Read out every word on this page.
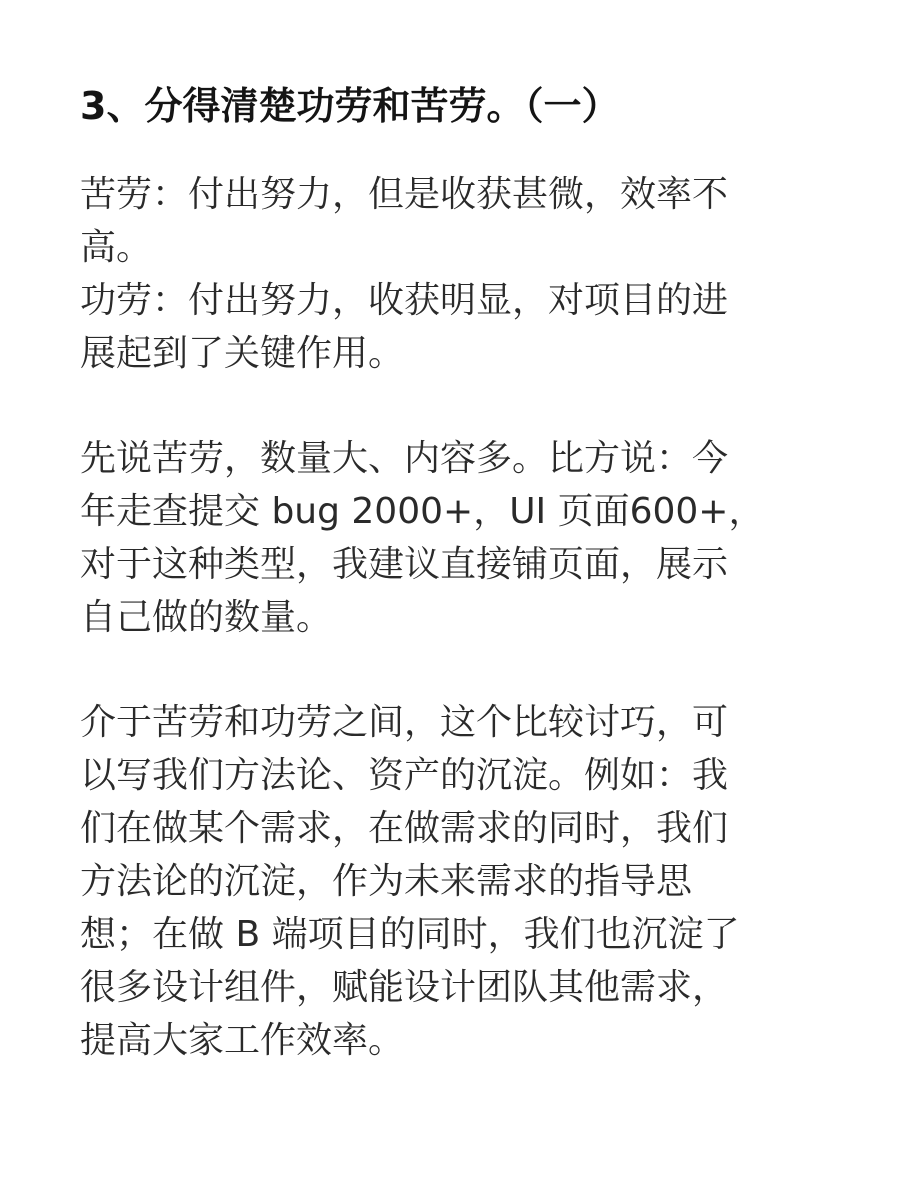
3、分得清楚功劳和苦劳。（一）
苦劳：付出努力，但是收获甚微，效率不
高。
功劳：付出努力，收获明显，对项目的进
展起到了关键作用。
先说苦劳，数量大、内容多。比方说：今
年走查提交 bug 2000+，UI 页面600+，
对于这种类型，我建议直接铺页面，展示
自己做的数量。
介于苦劳和功劳之间，这个比较讨巧，可
以写我们方法论、资产的沉淀。例如：我
们在做某个需求，在做需求的同时，我们
方法论的沉淀，作为未来需求的指导思
想；在做 B 端项目的同时，我们也沉淀了
很多设计组件，赋能设计团队其他需求，
提高大家工作效率。
